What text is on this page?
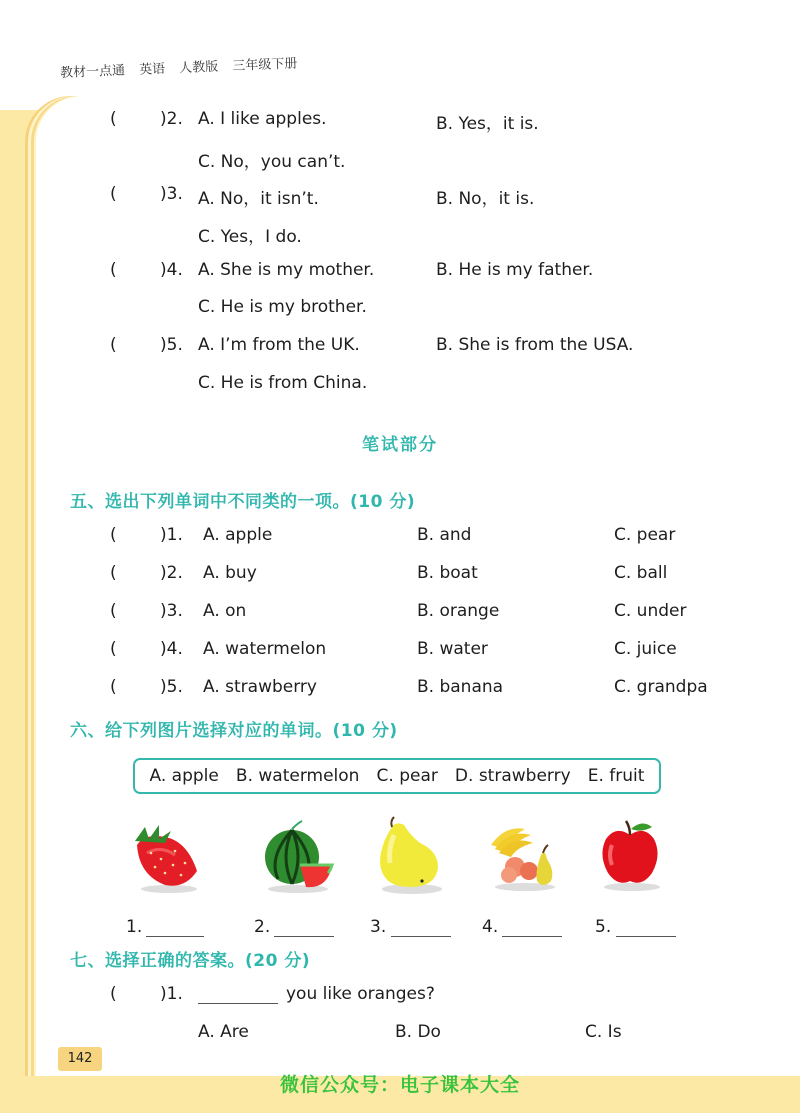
教材一点通 英语 人教版 三年级下册
(	)2. A. I like apples.	B. Yes，it is.
C. No，you can’t.
(	)3. A. No，it isn’t.	B. No，it is.
C. Yes，I do.
(	)4. A. She is my mother.	B. He is my father.
C. He is my brother.
(	)5. A. I’m from the UK.	B. She is from the USA.
C. He is from China.
笔试部分
五、选出下列单词中不同类的一项。(10 分)
(	)1. A. apple	B. and	C. pear
(	)2. A. buy	B. boat	C. ball
(	)3. A. on	B. orange	C. under
(	)4. A. watermelon	B. water	C. juice
(	)5. A. strawberry	B. banana	C. grandpa
六、给下列图片选择对应的单词。(10 分)
A. apple B. watermelon C. pear D. strawberry E. fruit
1.	2.	3.	4.	5.
七、选择正确的答案。(20 分)
(	)1.	you like oranges?
A. Are	B. Do	C. Is
142
微信公众号：电子课本大全
